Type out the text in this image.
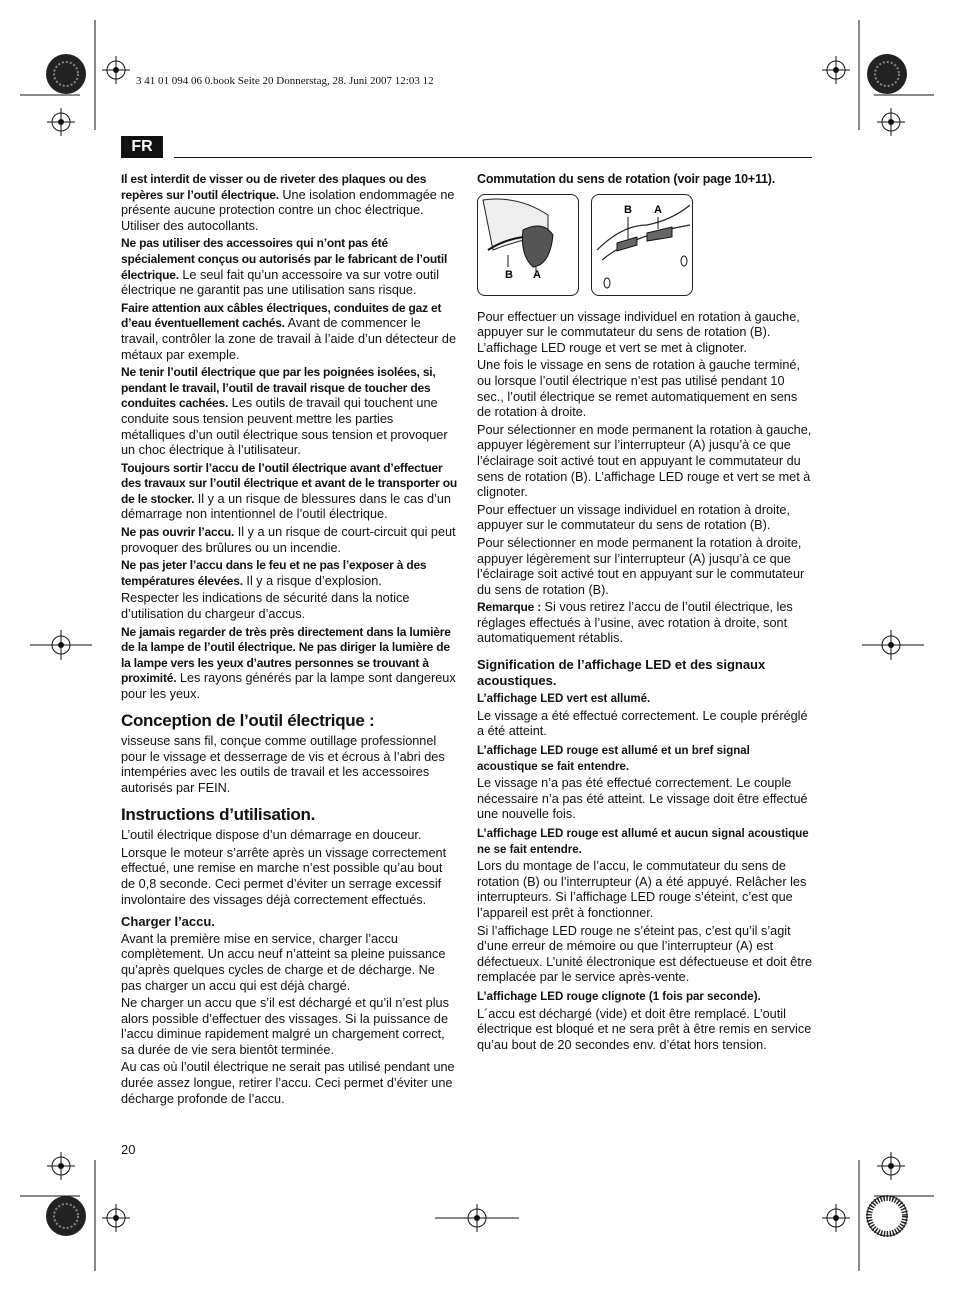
3 41 01 094 06 0.book Seite 20 Donnerstag, 28. Juni 2007 12:03 12
FR

Il est interdit de visser ou de riveter des plaques ou des repères sur l’outil électrique. Une isolation endommagée ne présente aucune protection contre un choc électrique. Utiliser des autocollants.

Ne pas utiliser des accessoires qui n’ont pas été spécialement conçus ou autorisés par le fabricant de l’outil électrique. Le seul fait qu’un accessoire va sur votre outil électrique ne garantit pas une utilisation sans risque.

Faire attention aux câbles électriques, conduites de gaz et d’eau éventuellement cachés. Avant de commencer le travail, contrôler la zone de travail à l’aide d’un détecteur de métaux par exemple.

Ne tenir l’outil électrique que par les poignées isolées, si, pendant le travail, l’outil de travail risque de toucher des conduites cachées. Les outils de travail qui touchent une conduite sous tension peuvent mettre les parties métalliques d’un outil électrique sous tension et provoquer un choc électrique à l’utilisateur.

Toujours sortir l’accu de l’outil électrique avant d’effectuer des travaux sur l’outil électrique et avant de le transporter ou de le stocker. Il y a un risque de blessures dans le cas d’un démarrage non intentionnel de l’outil électrique.

Ne pas ouvrir l’accu. Il y a un risque de court-circuit qui peut provoquer des brûlures ou un incendie.

Ne pas jeter l’accu dans le feu et ne pas l’exposer à des températures élevées. Il y a risque d’explosion.

Respecter les indications de sécurité dans la notice d’utilisation du chargeur d’accus.

Ne jamais regarder de très près directement dans la lumière de la lampe de l’outil électrique. Ne pas diriger la lumière de la lampe vers les yeux d’autres personnes se trouvant à proximité. Les rayons générés par la lampe sont dangereux pour les yeux.

Conception de l’outil électrique :

visseuse sans fil, conçue comme outillage professionnel pour le vissage et desserrage de vis et écrous à l’abri des intempéries avec les outils de travail et les accessoires autorisés par FEIN.

Instructions d’utilisation.

L’outil électrique dispose d’un démarrage en douceur.

Lorsque le moteur s’arrête après un vissage correctement effectué, une remise en marche n’est possible qu’au bout de 0,8 seconde. Ceci permet d’éviter un serrage excessif involontaire des vissages déjà correctement effectués.

Charger l’accu.

Avant la première mise en service, charger l’accu complètement. Un accu neuf n’atteint sa pleine puissance qu’après quelques cycles de charge et de décharge. Ne pas charger un accu qui est déjà chargé.

Ne charger un accu que s’il est déchargé et qu’il n’est plus alors possible d’effectuer des vissages. Si la puissance de l’accu diminue rapidement malgré un chargement correct, sa durée de vie sera bientôt terminée.

Au cas où l’outil électrique ne serait pas utilisé pendant une durée assez longue, retirer l’accu. Ceci permet d’éviter une décharge profonde de l’accu.

Commutation du sens de rotation (voir page 10+11).

B A
B A

Pour effectuer un vissage individuel en rotation à gauche, appuyer sur le commutateur du sens de rotation (B). L’affichage LED rouge et vert se met à clignoter.

Une fois le vissage en sens de rotation à gauche terminé, ou lorsque l’outil électrique n’est pas utilisé pendant 10 sec., l’outil électrique se remet automatiquement en sens de rotation à droite.

Pour sélectionner en mode permanent la rotation à gauche, appuyer légèrement sur l’interrupteur (A) jusqu’à ce que l’éclairage soit activé tout en appuyant le commutateur du sens de rotation (B). L’affichage LED rouge et vert se met à clignoter.

Pour effectuer un vissage individuel en rotation à droite, appuyer sur le commutateur du sens de rotation (B).

Pour sélectionner en mode permanent la rotation à droite, appuyer légèrement sur l’interrupteur (A) jusqu’à ce que l’éclairage soit activé tout en appuyant sur le commutateur du sens de rotation (B).

Remarque : Si vous retirez l’accu de l’outil électrique, les réglages effectués à l’usine, avec rotation à droite, sont automatiquement rétablis.

Signification de l’affichage LED et des signaux acoustiques.
L’affichage LED vert est allumé.

Le vissage a été effectué correctement. Le couple préréglé a été atteint.

L’affichage LED rouge est allumé et un bref signal acoustique se fait entendre.

Le vissage n’a pas été effectué correctement. Le couple nécessaire n’a pas été atteint. Le vissage doit être effectué une nouvelle fois.

L’affichage LED rouge est allumé et aucun signal acoustique ne se fait entendre.

Lors du montage de l’accu, le commutateur du sens de rotation (B) ou l’interrupteur (A) a été appuyé. Relâcher les interrupteurs. Si l’affichage LED rouge s’éteint, c’est que l’appareil est prêt à fonctionner.

Si l’affichage LED rouge ne s’éteint pas, c’est qu’il s’agit d’une erreur de mémoire ou que l’interrupteur (A) est défectueux. L’unité électronique est défectueuse et doit être remplacée par le service après-vente.

L’affichage LED rouge clignote (1 fois par seconde).

L´accu est déchargé (vide) et doit être remplacé. L’outil électrique est bloqué et ne sera prêt à être remis en service qu’au bout de 20 secondes env. d’état hors tension.

20
